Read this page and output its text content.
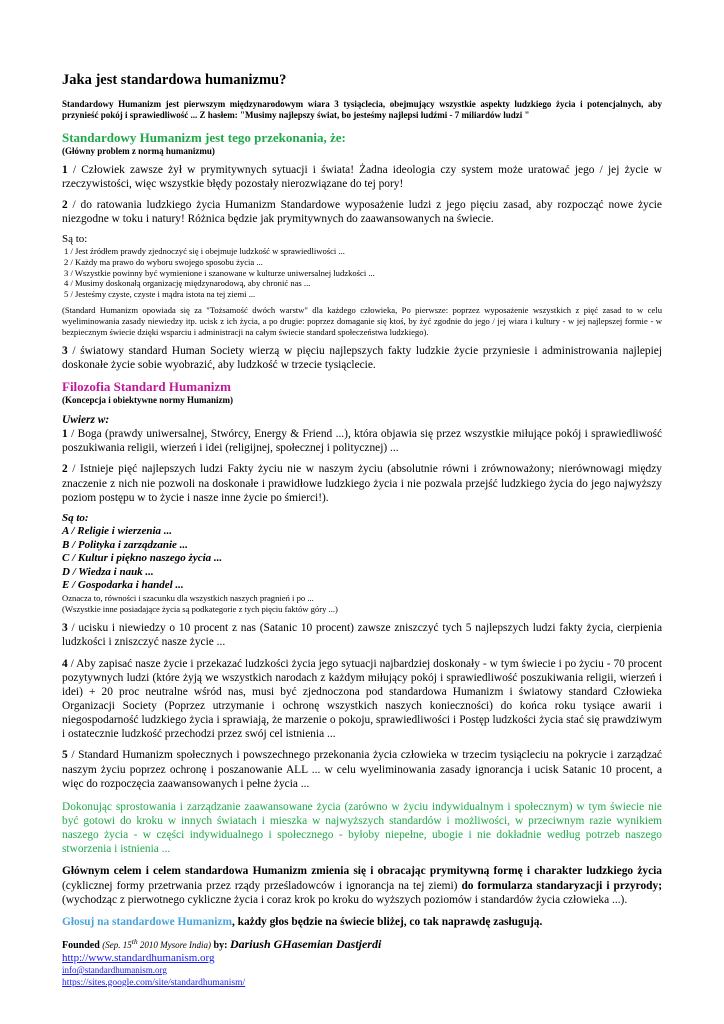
Jaka jest standardowa humanizmu?

Standardowy Humanizm jest pierwszym międzynarodowym wiara 3 tysiąclecia, obejmujący wszystkie aspekty ludzkiego życia i potencjalnych, aby przynieść pokój i sprawiedliwość ... Z hasłem: "Musimy najlepszy świat, bo jesteśmy najlepsi ludźmi - 7 miliardów ludzi "

Standardowy Humanizm jest tego przekonania, że:

(Główny problem z normą humanizmu)

1 / Człowiek zawsze żył w prymitywnych sytuacji i świata! Żadna ideologia czy system może uratować jego / jej życie w rzeczywistości, więc wszystkie błędy pozostały nierozwiązane do tej pory!

2 / do ratowania ludzkiego życia Humanizm Standardowe wyposażenie ludzi z jego pięciu zasad, aby rozpocząć nowe życie niezgodne w toku i natury! Różnica będzie jak prymitywnych do zaawansowanych na świecie.

Są to:

1 / Jest źródłem prawdy zjednoczyć się i obejmuje ludzkość w sprawiedliwości ...
2 / Każdy ma prawo do wyboru swojego sposobu życia ...
3 / Wszystkie powinny być wymienione i szanowane w kulturze uniwersalnej ludzkości ...
4 / Musimy doskonałą organizację międzynarodową, aby chronić nas ...
5 / Jesteśmy czyste, czyste i mądra istota na tej ziemi ...

(Standard Humanizm opowiada się za "Tożsamość dwóch warstw" dla każdego człowieka, Po pierwsze: poprzez wyposażenie wszystkich z pięć zasad to w celu wyeliminowania zasady niewiedzy itp. ucisk z ich życia, a po drugie: poprzez domaganie się ktoś, by żyć zgodnie do jego / jej wiara i kultury - w jej najlepszej formie - w bezpiecznym świecie dzięki wsparciu i administracji na całym świecie standard społeczeństwa ludzkiego).

3 / światowy standard Human Society wierzą w pięciu najlepszych fakty ludzkie życie przyniesie i administrowania najlepiej doskonałe życie sobie wyobrazić, aby ludzkość w trzecie tysiąclecie.

Filozofia Standard Humanizm

(Koncepcja i obiektywne normy Humanizm)

Uwierz w:

1 / Boga (prawdy uniwersalnej, Stwórcy, Energy & Friend ...), która objawia się przez wszystkie miłujące pokój i sprawiedliwość poszukiwania religii, wierzeń i idei (religijnej, społecznej i politycznej) ...

2 / Istnieje pięć najlepszych ludzi Fakty życiu nie w naszym życiu (absolutnie równi i zrównoważony; nierównowagi między znaczenie z nich nie pozwoli na doskonałe i prawidłowe ludzkiego życia i nie pozwala przejść ludzkiego życia do jego najwyższy poziom postępu w to życie i nasze inne życie po śmierci!).

Są to:
A / Religie i wierzenia ...
B / Polityka i zarządzanie ...
C / Kultur i piękno naszego życia ...
D / Wiedza i nauk ...
E / Gospodarka i handel ...
Oznacza to, równości i szacunku dla wszystkich naszych pragnień i po ...
(Wszystkie inne posiadające życia są podkategorie z tych pięciu faktów góry ...)

3 / ucisku i niewiedzy o 10 procent z nas (Satanic 10 procent) zawsze zniszczyć tych 5 najlepszych ludzi fakty życia, cierpienia ludzkości i zniszczyć nasze życie ...

4 / Aby zapisać nasze życie i przekazać ludzkości życia jego sytuacji najbardziej doskonały - w tym świecie i po życiu - 70 procent pozytywnych ludzi (które żyją we wszystkich narodach z każdym miłujący pokój i sprawiedliwość poszukiwania religii, wierzeń i idei) + 20 proc neutralne wśród nas, musi być zjednoczona pod standardowa Humanizm i światowy standard Człowieka Organizacji Society (Poprzez utrzymanie i ochronę wszystkich naszych konieczności) do końca roku tysiące awarii i niegospodarność ludzkiego życia i sprawiają, że marzenie o pokoju, sprawiedliwości i Postęp ludzkości życia stać się prawdziwym i ostatecznie ludzkość przechodzi przez swój cel istnienia ...

5 / Standard Humanizm społecznych i powszechnego przekonania życia człowieka w trzecim tysiącleciu na pokrycie i zarządzać naszym życiu poprzez ochronę i poszanowanie ALL ... w celu wyeliminowania zasady ignorancja i ucisk Satanic 10 procent, a więc do rozpoczęcia zaawansowanych i pełne życia ...

Dokonując sprostowania i zarządzanie zaawansowane życia (zarówno w życiu indywidualnym i społecznym) w tym świecie nie być gotowi do kroku w innych światach i mieszka w najwyższych standardów i możliwości, w przeciwnym razie wynikiem naszego życia - w części indywidualnego i społecznego - byłoby niepełne, ubogie i nie dokładnie według potrzeb naszego stworzenia i istnienia ...

Głównym celem i celem standardowa Humanizm zmienia się i obracając prymitywną formę i charakter ludzkiego życia (cyklicznej formy przetrwania przez rządy prześladowców i ignorancja na tej ziemi) do formularza standaryzacji i przyrody; (wychodząc z pierwotnego cykliczne życia i coraz krok po kroku do wyższych poziomów i standardów życia człowieka ...).

Głosuj na standardowe Humanizm, każdy głos będzie na świecie bliżej, co tak naprawdę zasługują.

Founded (Sep. 15th 2010 Mysore India) by: Dariush GHasemian Dastjerdi

http://www.standardhumanism.org
info@standardhumanism.org
https://sites.google.com/site/standardhumanism/
